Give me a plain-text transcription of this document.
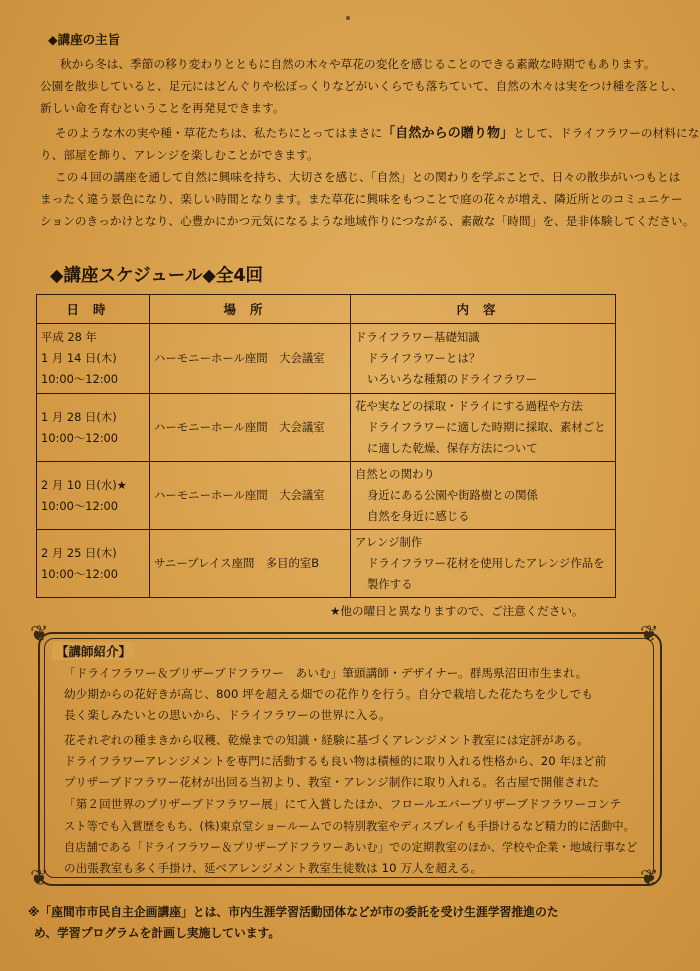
◆講座の主旨
秋から冬は、季節の移り変わりとともに自然の木々や草花の変化を感じることのできる素敵な時期でもあります。
公園を散歩していると、足元にはどんぐりや松ぼっくりなどがいくらでも落ちていて、自然の木々は実をつけ種を落とし、
新しい命を育むということを再発見できます。
そのような木の実や種・草花たちは、私たちにとってはまさに「自然からの贈り物」として、ドライフラワーの材料にな
り、部屋を飾り、アレンジを楽しむことができます。
この４回の講座を通して自然に興味を持ち、大切さを感じ、「自然」との関わりを学ぶことで、日々の散歩がいつもとは
まったく違う景色になり、楽しい時間となります。また草花に興味をもつことで庭の花々が増え、隣近所とのコミュニケー
ションのきっかけとなり、心豊かにかつ元気になるような地域作りにつながる、素敵な「時間」を、是非体験してください。
◆講座スケジュール◆全4回
日時	場所	内容

平成 28 年
1 月 14 日(木)
10:00～12:00	ハーモニーホール座間　大会議室	ドライフラワー基礎知識
ドライフラワーとは？
いろいろな種類のドライフラワー

1 月 28 日(木)
10:00～12:00	ハーモニーホール座間　大会議室	花や実などの採取・ドライにする過程や方法
ドライフラワーに適した時期に採取、素材ごと
に適した乾燥、保存方法について

2 月 10 日(水)★
10:00～12:00	ハーモニーホール座間　大会議室	自然との関わり
身近にある公園や街路樹との関係
自然を身近に感じる

2 月 25 日(木)
10:00～12:00	サニープレイス座間　多目的室B	アレンジ制作
ドライフラワー花材を使用したアレンジ作品を
製作する
★他の曜日と異なりますので、ご注意ください。
❦	❦
❦	❦
【講師紹介】
「ドライフラワー＆プリザーブドフラワー　あいむ」筆頭講師・デザイナー。群馬県沼田市生まれ。
幼少期からの花好きが高じ、800 坪を超える畑での花作りを行う。自分で栽培した花たちを少しでも
長く楽しみたいとの思いから、ドライフラワーの世界に入る。
花それぞれの種まきから収穫、乾燥までの知識・経験に基づくアレンジメント教室には定評がある。
ドライフラワーアレンジメントを専門に活動するも良い物は積極的に取り入れる性格から、20 年ほど前
プリザーブドフラワー花材が出回る当初より、教室・アレンジ制作に取り入れる。名古屋で開催された
「第２回世界のプリザーブドフラワー展」にて入賞したほか、フロールエバープリザーブドフラワーコンテ
スト等でも入賞歴をもち、(株)東京堂ショールームでの特別教室やディスプレイも手掛けるなど精力的に活動中。
自店舗である「ドライフラワー＆プリザーブドフラワーあいむ」での定期教室のほか、学校や企業・地域行事など
の出張教室も多く手掛け、延べアレンジメント教室生徒数は 10 万人を超える。
※「座間市市民自主企画講座」とは、市内生涯学習活動団体などが市の委託を受け生涯学習推進のた
め、学習プログラムを計画し実施しています。
